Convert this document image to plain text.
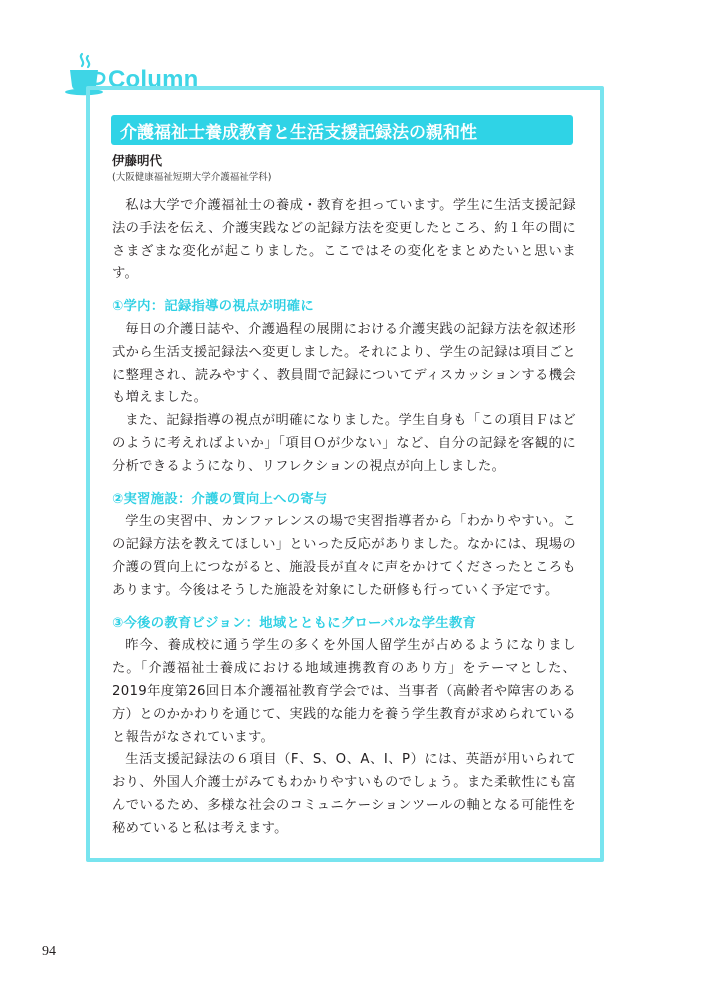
Column
介護福祉士養成教育と生活支援記録法の親和性
伊藤明代
(大阪健康福祉短期大学介護福祉学科)

私は大学で介護福祉士の養成・教育を担っています。学生に生活支援記録法の手法を伝え、介護実践などの記録方法を変更したところ、約１年の間にさまざまな変化が起こりました。ここではその変化をまとめたいと思います。

①学内：記録指導の視点が明確に

毎日の介護日誌や、介護過程の展開における介護実践の記録方法を叙述形式から生活支援記録法へ変更しました。それにより、学生の記録は項目ごとに整理され、読みやすく、教員間で記録についてディスカッションする機会も増えました。

また、記録指導の視点が明確になりました。学生自身も「この項目Ｆはどのように考えればよいか」「項目Ｏが少ない」など、自分の記録を客観的に分析できるようになり、リフレクションの視点が向上しました。

②実習施設：介護の質向上への寄与

学生の実習中、カンファレンスの場で実習指導者から「わかりやすい。この記録方法を教えてほしい」といった反応がありました。なかには、現場の介護の質向上につながると、施設長が直々に声をかけてくださったところもあります。今後はそうした施設を対象にした研修も行っていく予定です。

③今後の教育ビジョン：地域とともにグローバルな学生教育

昨今、養成校に通う学生の多くを外国人留学生が占めるようになりました。「介護福祉士養成における地域連携教育のあり方」をテーマとした、2019年度第26回日本介護福祉教育学会では、当事者（高齢者や障害のある方）とのかかわりを通じて、実践的な能力を養う学生教育が求められていると報告がなされています。

生活支援記録法の６項目（F、S、O、A、I、P）には、英語が用いられており、外国人介護士がみてもわかりやすいものでしょう。また柔軟性にも富んでいるため、多様な社会のコミュニケーションツールの軸となる可能性を秘めていると私は考えます。

94
